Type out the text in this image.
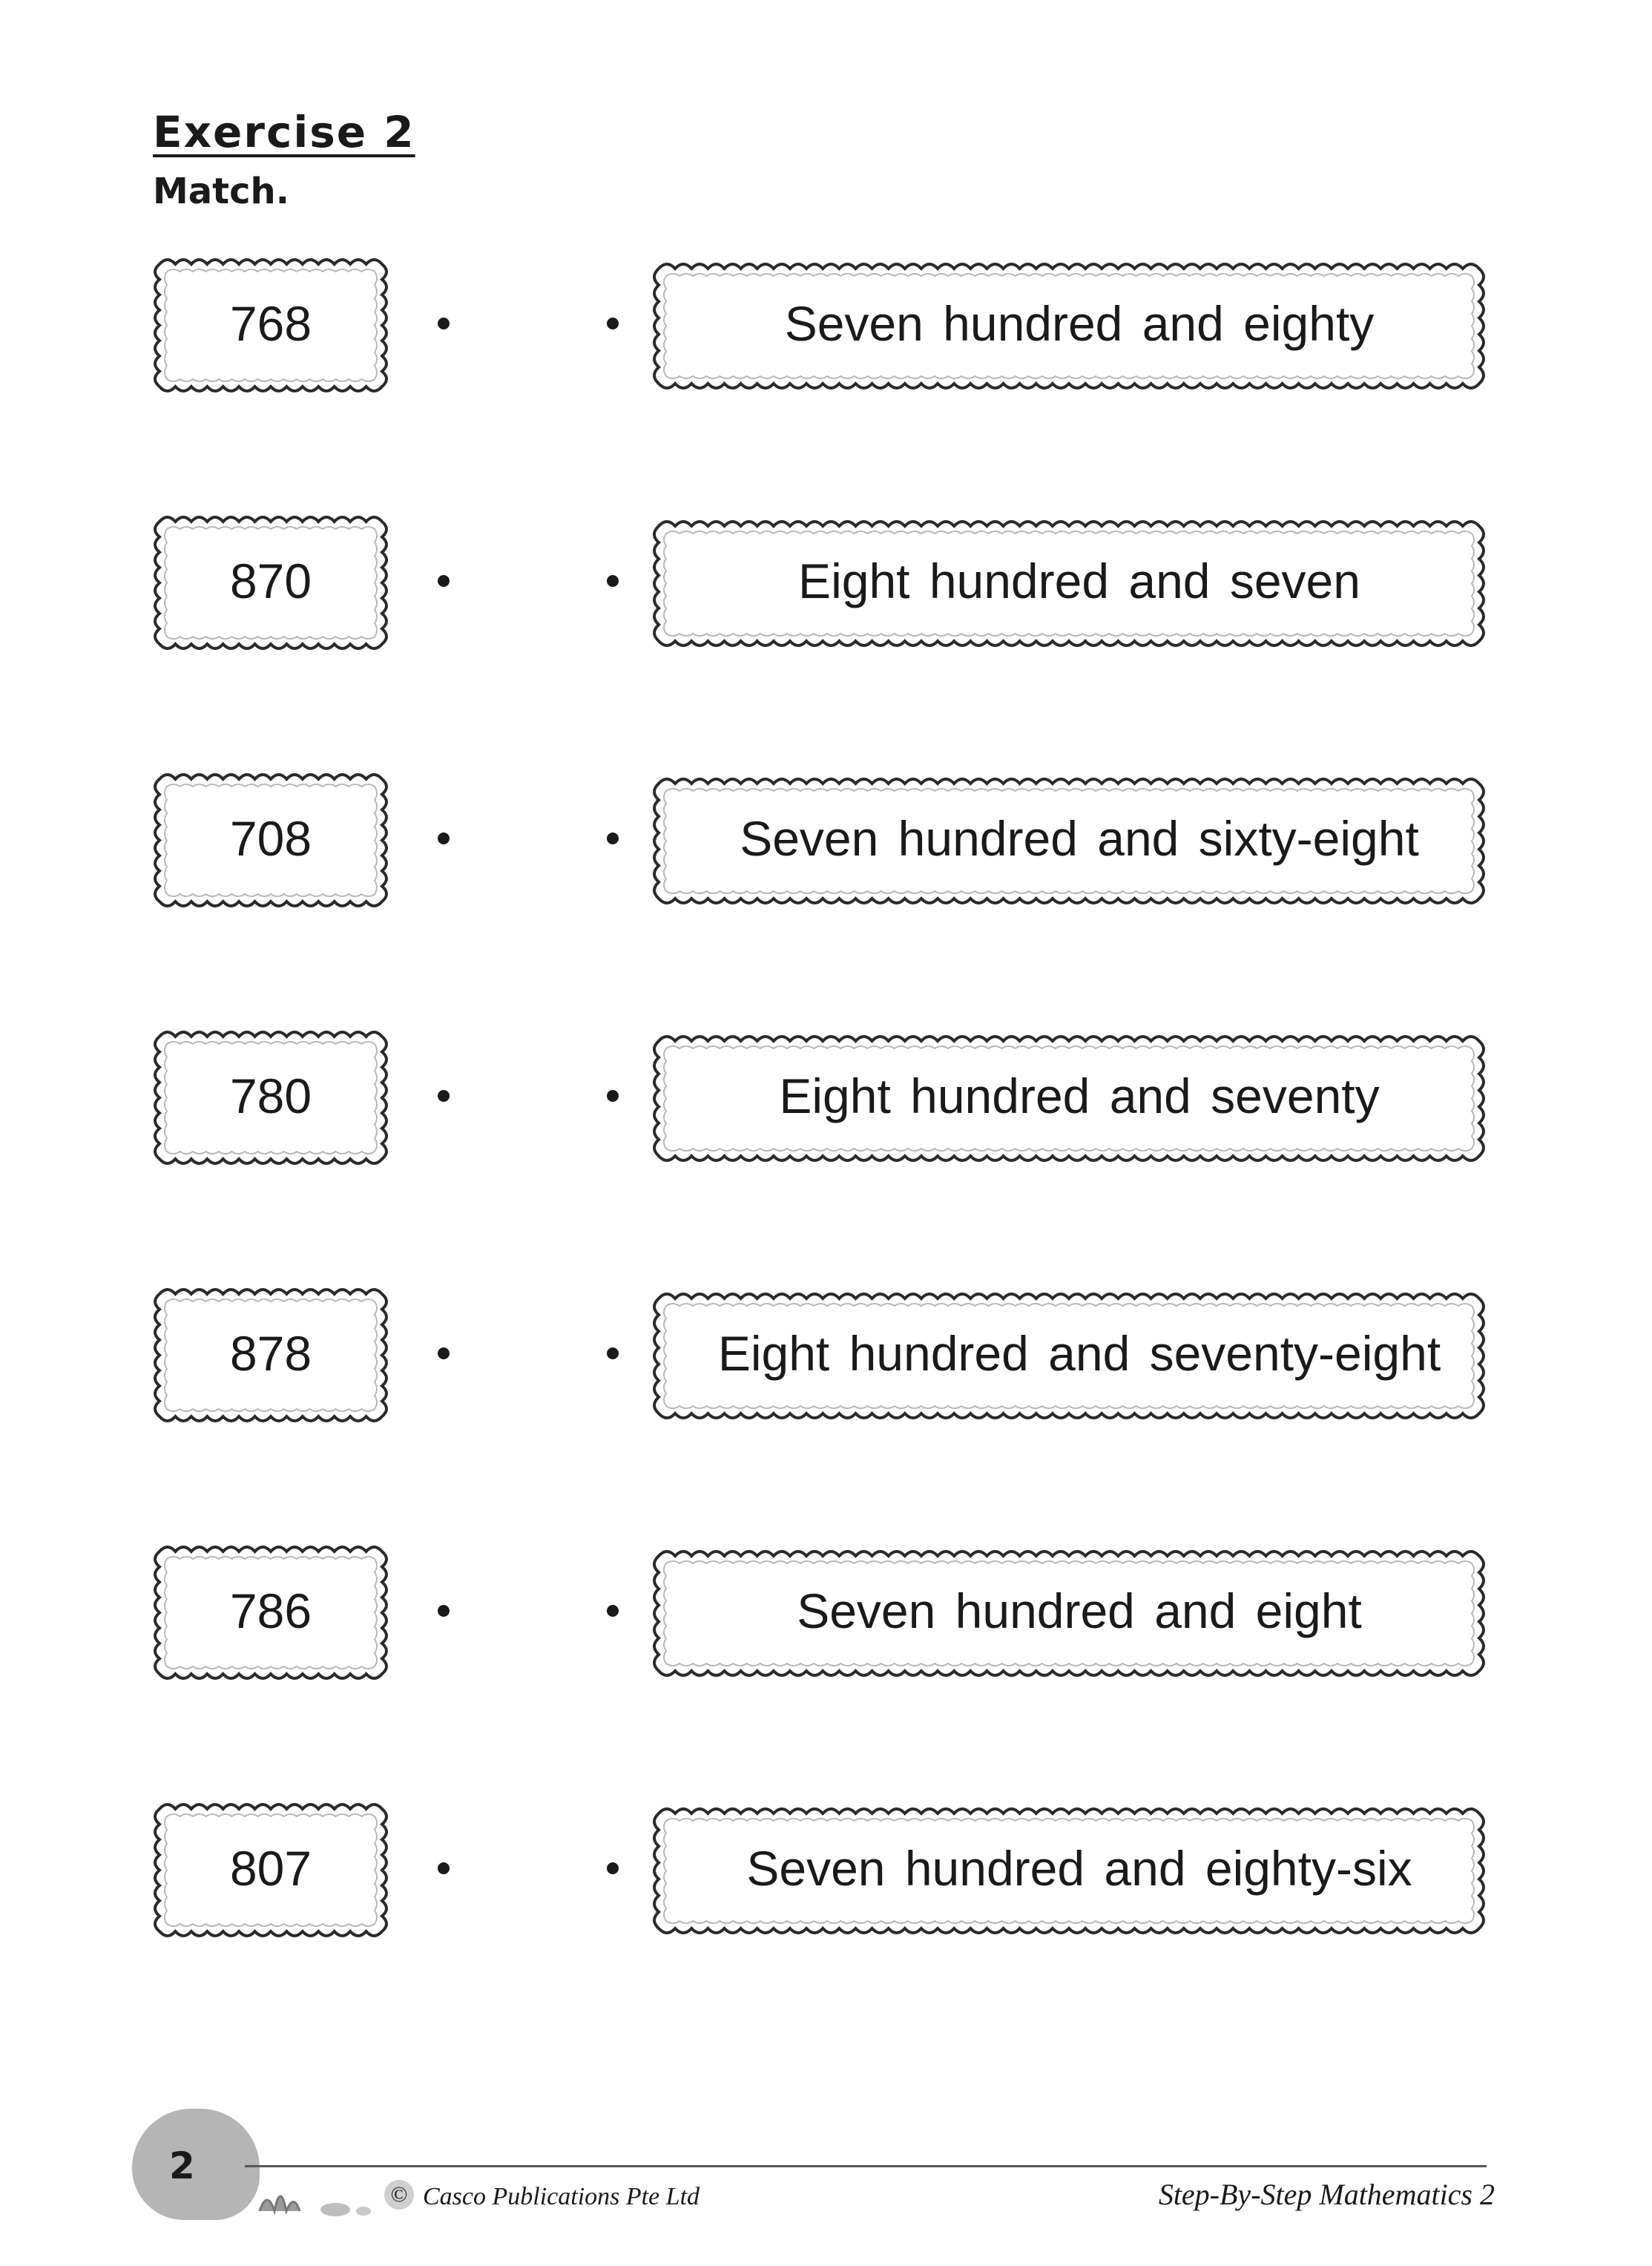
Exercise 2
Match.
768	Seven hundred and eighty
870	Eight hundred and seven
708	Seven hundred and sixty-eight
780	Eight hundred and seventy
878	Eight hundred and seventy-eight
786	Seven hundred and eight
807	Seven hundred and eighty-six
2
© Casco Publications Pte Ltd	Step-By-Step Mathematics 2
